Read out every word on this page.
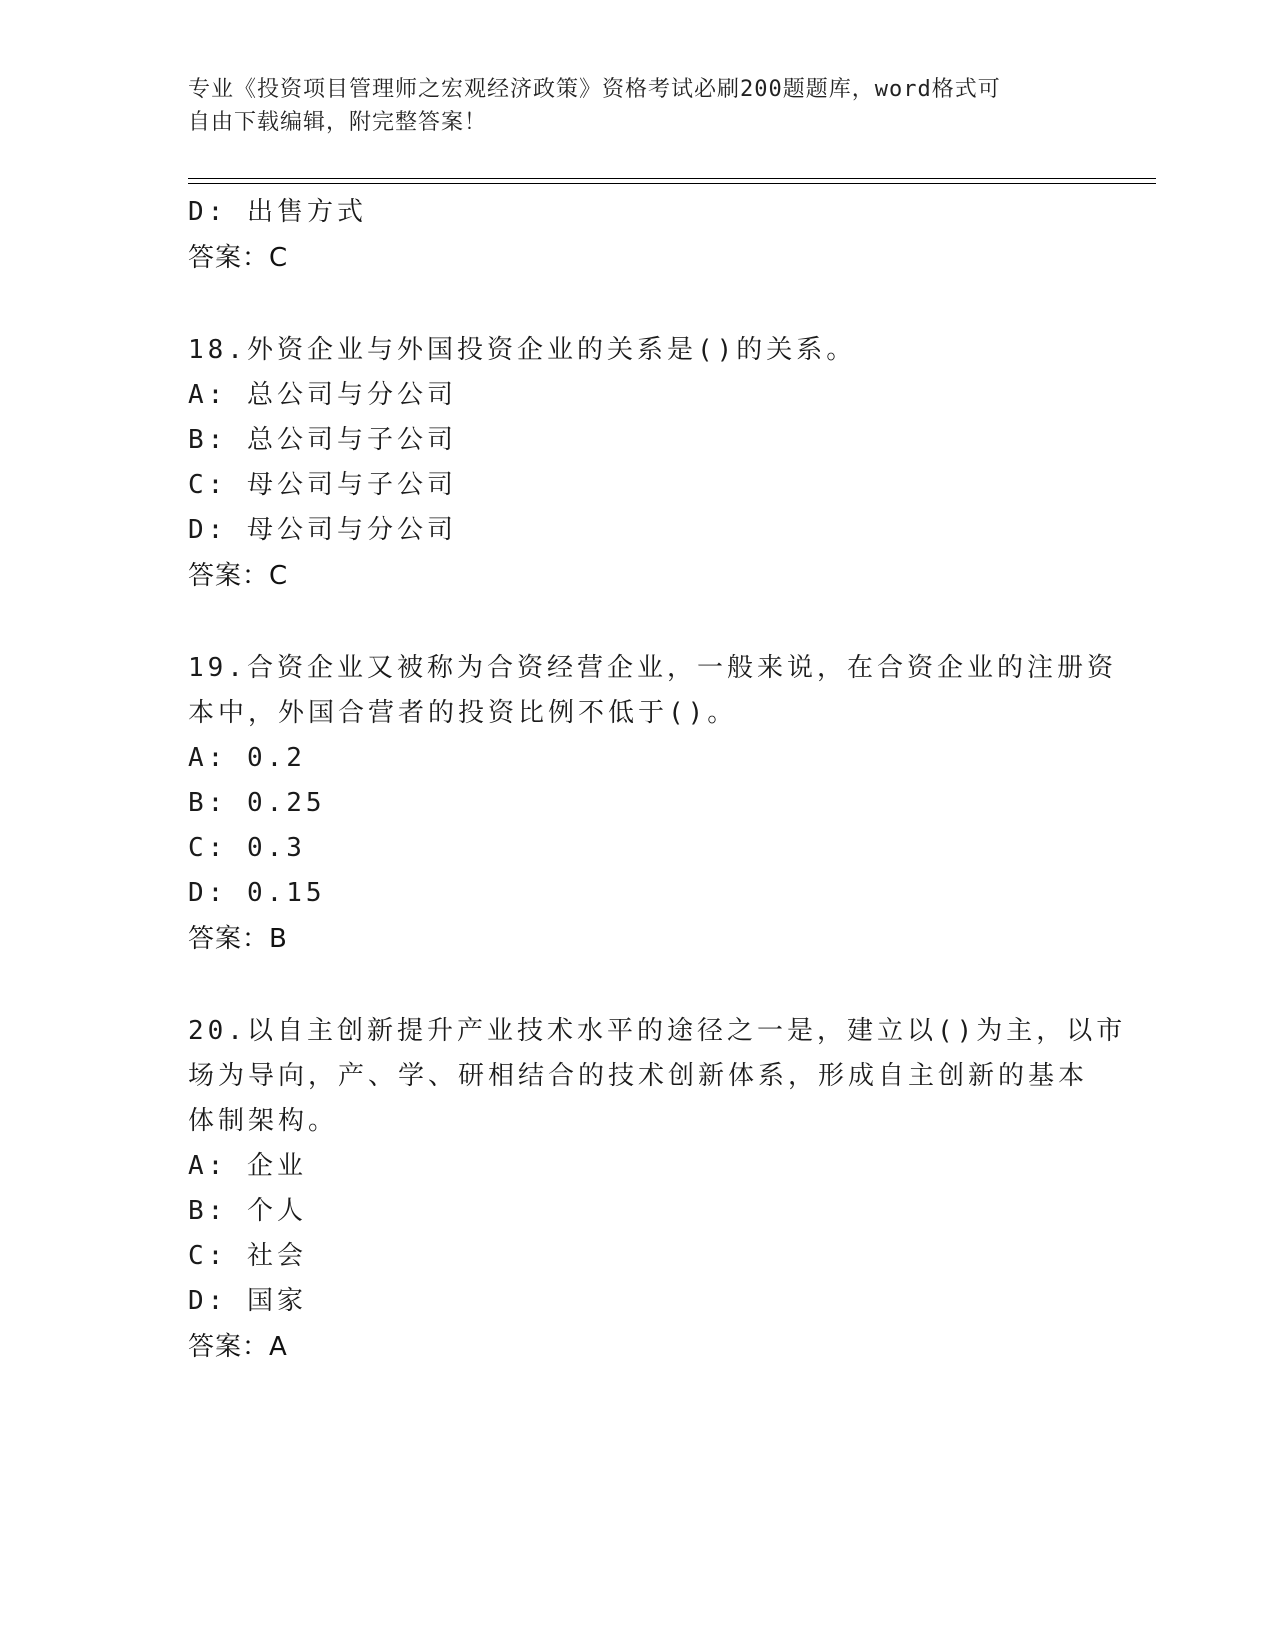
专业《投资项目管理师之宏观经济政策》资格考试必刷200题题库，word格式可
自由下载编辑，附完整答案！
D: 出售方式
答案：C
18.外资企业与外国投资企业的关系是()的关系。
A: 总公司与分公司
B: 总公司与子公司
C: 母公司与子公司
D: 母公司与分公司
答案：C
19.合资企业又被称为合资经营企业，一般来说，在合资企业的注册资
本中，外国合营者的投资比例不低于()。
A: 0.2
B: 0.25
C: 0.3
D: 0.15
答案：B
20.以自主创新提升产业技术水平的途径之一是，建立以()为主，以市
场为导向，产、学、研相结合的技术创新体系，形成自主创新的基本
体制架构。
A: 企业
B: 个人
C: 社会
D: 国家
答案：A
